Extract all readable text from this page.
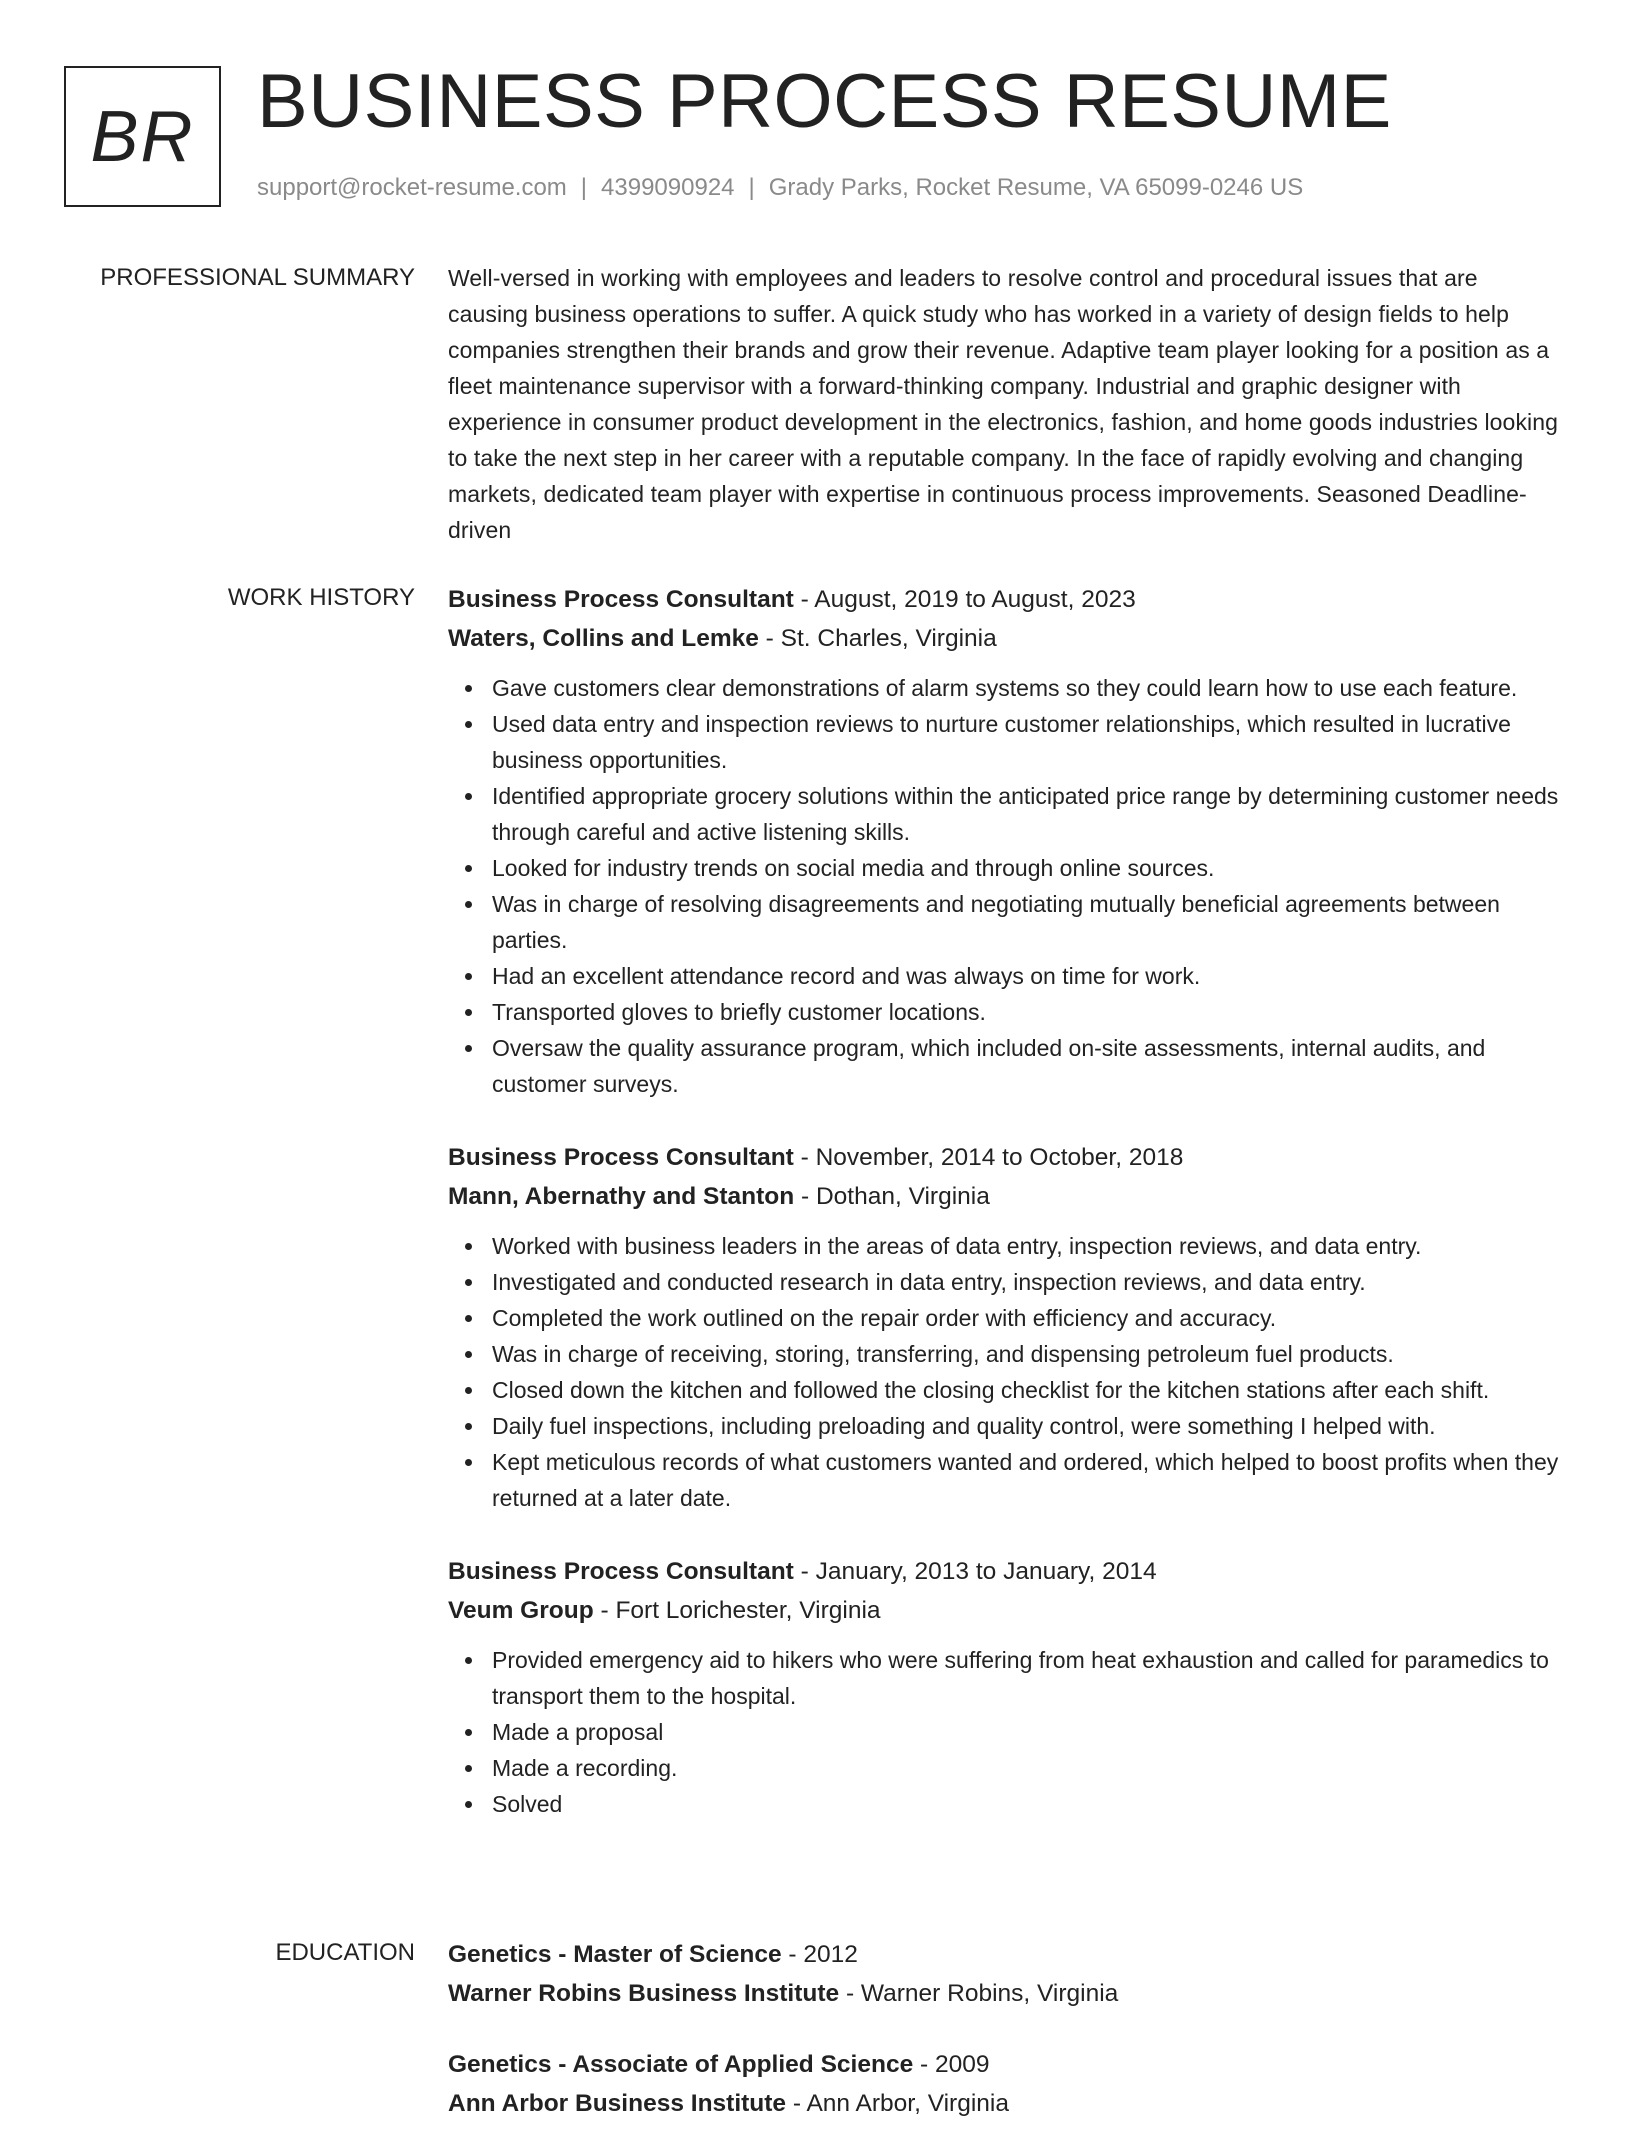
BR BUSINESS PROCESS RESUME
support@rocket-resume.com | 4399090924 | Grady Parks, Rocket Resume, VA 65099-0246 US
PROFESSIONAL SUMMARY Well-versed in working with employees and leaders to resolve control and procedural issues that are causing business operations to suffer. A quick study who has worked in a variety of design fields to help companies strengthen their brands and grow their revenue. Adaptive team player looking for a position as a fleet maintenance supervisor with a forward-thinking company. Industrial and graphic designer with experience in consumer product development in the electronics, fashion, and home goods industries looking to take the next step in her career with a reputable company. In the face of rapidly evolving and changing markets, dedicated team player with expertise in continuous process improvements. Seasoned Deadline-driven

WORK HISTORY Business Process Consultant - August, 2019 to August, 2023
Waters, Collins and Lemke - St. Charles, Virginia
Gave customers clear demonstrations of alarm systems so they could learn how to use each feature.
Used data entry and inspection reviews to nurture customer relationships, which resulted in lucrative business opportunities.
Identified appropriate grocery solutions within the anticipated price range by determining customer needs through careful and active listening skills.
Looked for industry trends on social media and through online sources.
Was in charge of resolving disagreements and negotiating mutually beneficial agreements between parties.
Had an excellent attendance record and was always on time for work.
Transported gloves to briefly customer locations.
Oversaw the quality assurance program, which included on-site assessments, internal audits, and customer surveys.
Business Process Consultant - November, 2014 to October, 2018
Mann, Abernathy and Stanton - Dothan, Virginia
Worked with business leaders in the areas of data entry, inspection reviews, and data entry.
Investigated and conducted research in data entry, inspection reviews, and data entry.
Completed the work outlined on the repair order with efficiency and accuracy.
Was in charge of receiving, storing, transferring, and dispensing petroleum fuel products.
Closed down the kitchen and followed the closing checklist for the kitchen stations after each shift.
Daily fuel inspections, including preloading and quality control, were something I helped with.
Kept meticulous records of what customers wanted and ordered, which helped to boost profits when they returned at a later date.
Business Process Consultant - January, 2013 to January, 2014
Veum Group - Fort Lorichester, Virginia
Provided emergency aid to hikers who were suffering from heat exhaustion and called for paramedics to transport them to the hospital.
Made a proposal
Made a recording.
Solved
EDUCATION Genetics - Master of Science - 2012
Warner Robins Business Institute - Warner Robins, Virginia
Genetics - Associate of Applied Science - 2009
Ann Arbor Business Institute - Ann Arbor, Virginia
